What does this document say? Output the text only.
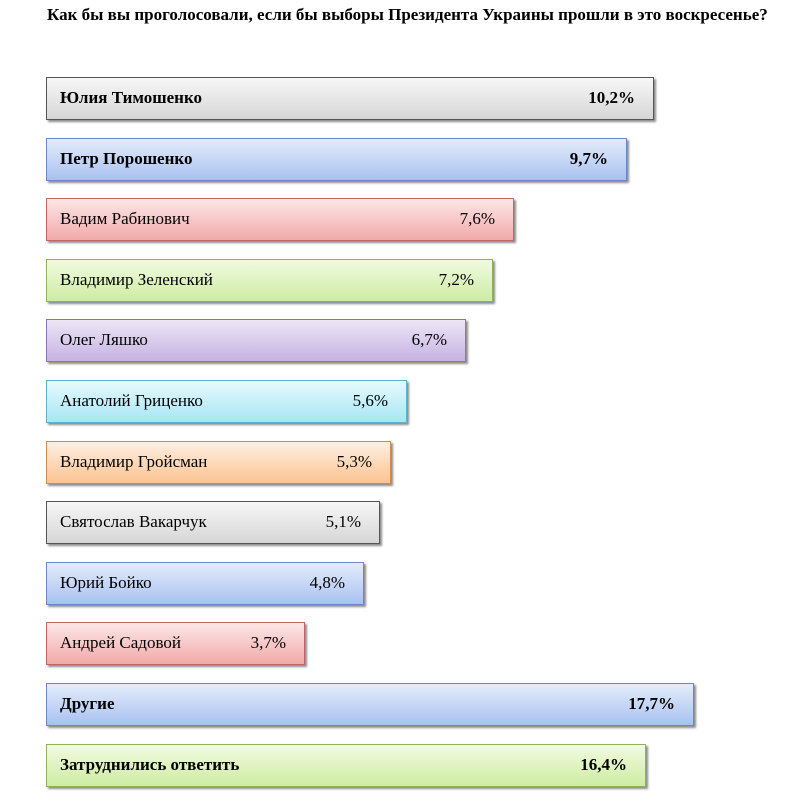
Как бы вы проголосовали, если бы выборы Президента Украины прошли в это воскресенье?

Юлия Тимошенко	10,2%
Петр Порошенко	9,7%
Вадим Рабинович	7,6%
Владимир Зеленский	7,2%
Олег Ляшко	6,7%
Анатолий Гриценко	5,6%
Владимир Гройсман	5,3%
Святослав Вакарчук	5,1%
Юрий Бойко	4,8%
Андрей Садовой	3,7%
Другие	17,7%
Затруднились ответить	16,4%
